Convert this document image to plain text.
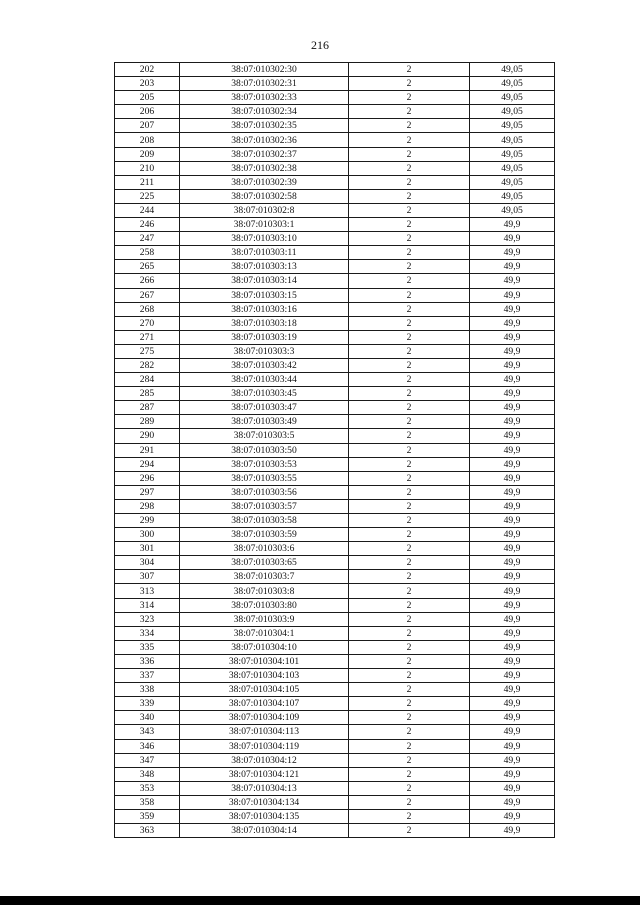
216
202	38:07:010302:30	2	49,05
203	38:07:010302:31	2	49,05
205	38:07:010302:33	2	49,05
206	38:07:010302:34	2	49,05
207	38:07:010302:35	2	49,05
208	38:07:010302:36	2	49,05
209	38:07:010302:37	2	49,05
210	38:07:010302:38	2	49,05
211	38:07:010302:39	2	49,05
225	38:07:010302:58	2	49,05
244	38:07:010302:8	2	49,05
246	38:07:010303:1	2	49,9
247	38:07:010303:10	2	49,9
258	38:07:010303:11	2	49,9
265	38:07:010303:13	2	49,9
266	38:07:010303:14	2	49,9
267	38:07:010303:15	2	49,9
268	38:07:010303:16	2	49,9
270	38:07:010303:18	2	49,9
271	38:07:010303:19	2	49,9
275	38:07:010303:3	2	49,9
282	38:07:010303:42	2	49,9
284	38:07:010303:44	2	49,9
285	38:07:010303:45	2	49,9
287	38:07:010303:47	2	49,9
289	38:07:010303:49	2	49,9
290	38:07:010303:5	2	49,9
291	38:07:010303:50	2	49,9
294	38:07:010303:53	2	49,9
296	38:07:010303:55	2	49,9
297	38:07:010303:56	2	49,9
298	38:07:010303:57	2	49,9
299	38:07:010303:58	2	49,9
300	38:07:010303:59	2	49,9
301	38:07:010303:6	2	49,9
304	38:07:010303:65	2	49,9
307	38:07:010303:7	2	49,9
313	38:07:010303:8	2	49,9
314	38:07:010303:80	2	49,9
323	38:07:010303:9	2	49,9
334	38:07:010304:1	2	49,9
335	38:07:010304:10	2	49,9
336	38:07:010304:101	2	49,9
337	38:07:010304:103	2	49,9
338	38:07:010304:105	2	49,9
339	38:07:010304:107	2	49,9
340	38:07:010304:109	2	49,9
343	38:07:010304:113	2	49,9
346	38:07:010304:119	2	49,9
347	38:07:010304:12	2	49,9
348	38:07:010304:121	2	49,9
353	38:07:010304:13	2	49,9
358	38:07:010304:134	2	49,9
359	38:07:010304:135	2	49,9
363	38:07:010304:14	2	49,9
